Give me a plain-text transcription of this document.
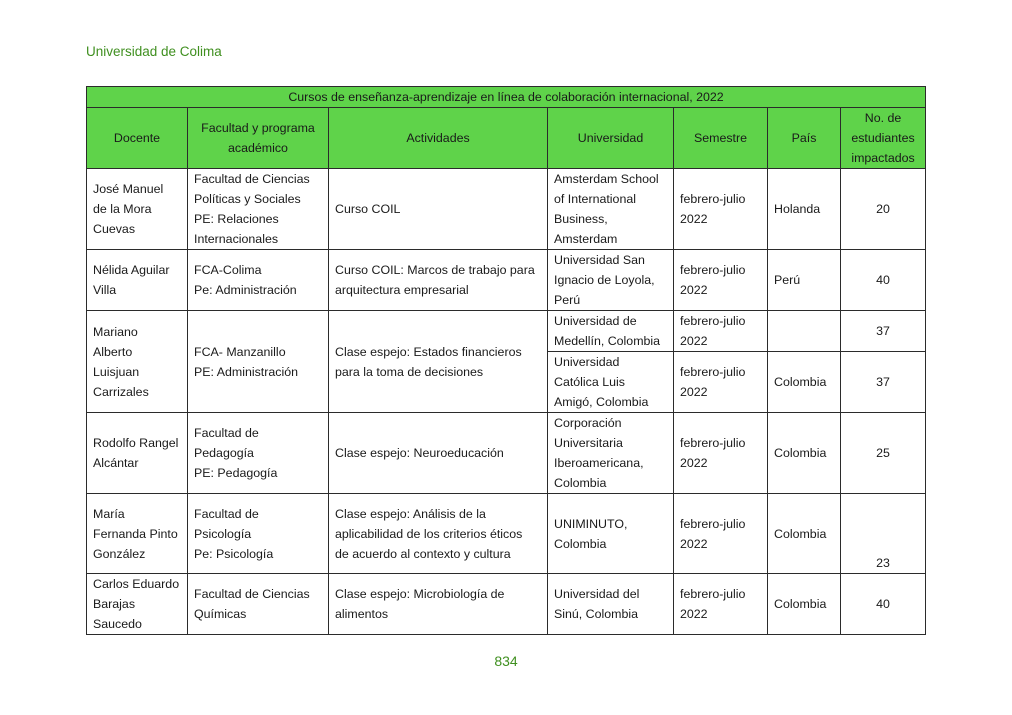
Universidad de Colima
Cursos de enseñanza-aprendizaje en línea de colaboración internacional, 2022						
Docente	Facultad y programa
académico	Actividades	Universidad	Semestre	País	No. de
estudiantes
impactados

José Manuel
de la Mora
Cuevas	Facultad de Ciencias
Políticas y Sociales
PE: Relaciones
Internacionales	Curso COIL	Amsterdam School
of International
Business,
Amsterdam	febrero-julio
2022	Holanda	20

Nélida Aguilar
Villa	FCA-Colima
Pe: Administración	Curso COIL: Marcos de trabajo para
arquitectura empresarial	Universidad San
Ignacio de Loyola,
Perú	febrero-julio
2022	Perú	40

Mariano
Alberto
Luisjuan
Carrizales	FCA- Manzanillo
PE: Administración	Clase espejo: Estados financieros
para la toma de decisiones	Universidad de
Medellín, Colombia	febrero-julio
2022		37

			Universidad
Católica Luis
Amigó, Colombia	febrero-julio
2022	Colombia	37

Rodolfo Rangel
Alcántar	Facultad de
Pedagogía
PE: Pedagogía	Clase espejo: Neuroeducación	Corporación
Universitaria
Iberoamericana,
Colombia	febrero-julio
2022	Colombia	25

María
Fernanda Pinto
González	Facultad de
Psicología
Pe: Psicología	Clase espejo: Análisis de la
aplicabilidad de los criterios éticos
de acuerdo al contexto y cultura	UNIMINUTO,
Colombia	febrero-julio
2022	Colombia	23

Carlos Eduardo
Barajas
Saucedo	Facultad de Ciencias
Químicas	Clase espejo: Microbiología de
alimentos	Universidad del
Sinú, Colombia	febrero-julio
2022	Colombia	40
834
